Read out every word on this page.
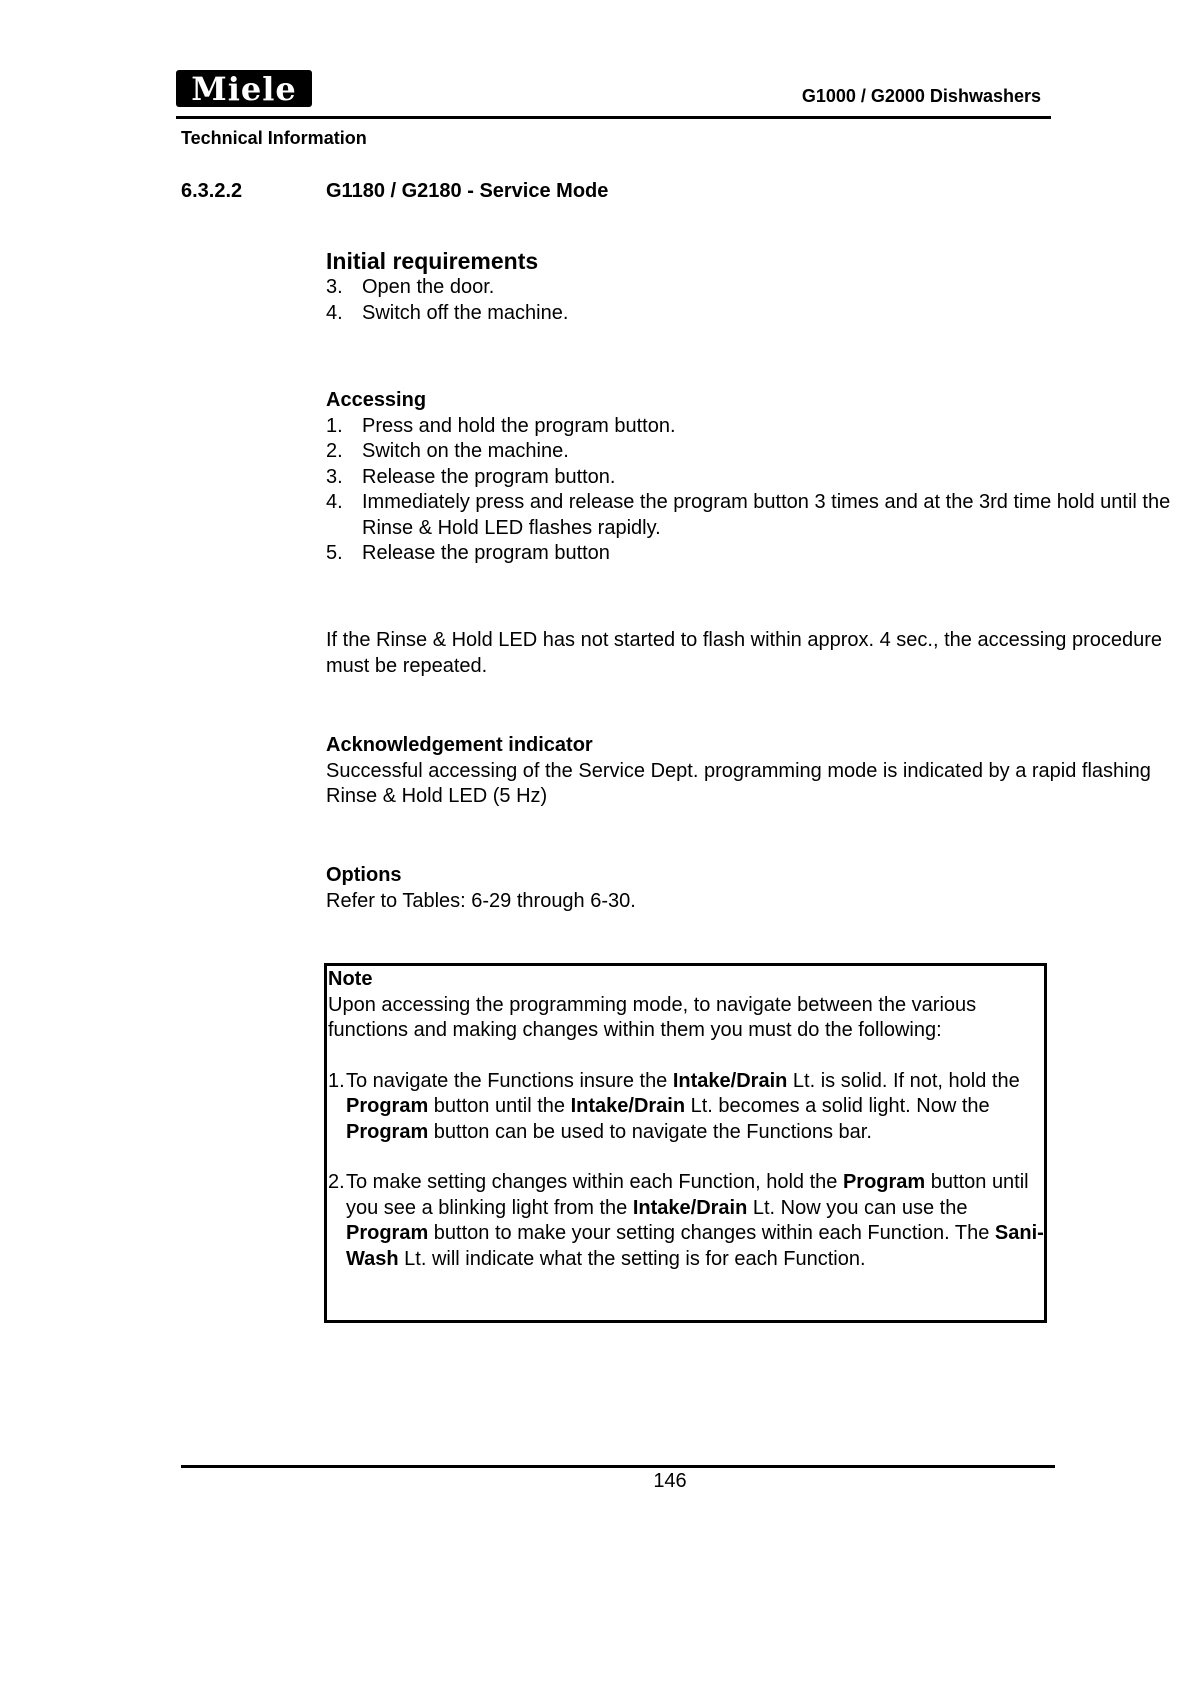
Miele	G1000 / G2000 Dishwashers
Technical Information
6.3.2.2	G1180 / G2180 - Service Mode
Initial requirements
3. Open the door.
4. Switch off the machine.
Accessing
1. Press and hold the program button.
2. Switch on the machine.
3. Release the program button.
4. Immediately press and release the program button 3 times and at the 3rd time hold until the Rinse & Hold LED flashes rapidly.
5. Release the program button
If the Rinse & Hold LED has not started to flash within approx. 4 sec., the accessing procedure must be repeated.
Acknowledgement indicator
Successful accessing of the Service Dept. programming mode is indicated by a rapid flashing Rinse & Hold LED (5 Hz)
Options
Refer to Tables: 6-29 through 6-30.
Note
Upon accessing the programming mode, to navigate between the various functions and making changes within them you must do the following:
1. To navigate the Functions insure the Intake/Drain Lt. is solid. If not, hold the Program button until the Intake/Drain Lt. becomes a solid light. Now the Program button can be used to navigate the Functions bar.
2. To make setting changes within each Function, hold the Program button until you see a blinking light from the Intake/Drain Lt. Now you can use the Program button to make your setting changes within each Function. The Sani-Wash Lt. will indicate what the setting is for each Function.
146
